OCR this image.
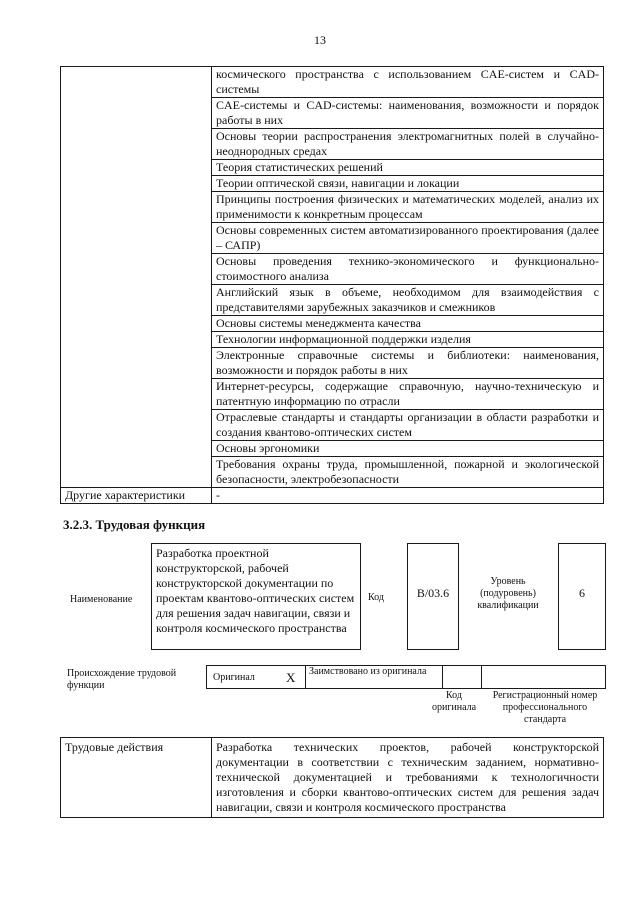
13
	космического пространства с использованием CAE-систем и CAD-системы
	CAE-системы и CAD-системы: наименования, возможности и порядок работы в них
	Основы теории распространения электромагнитных полей в случайно-неоднородных средах
	Теория статистических решений
	Теории оптической связи, навигации и локации
	Принципы построения физических и математических моделей, анализ их применимости к конкретным процессам
	Основы современных систем автоматизированного проектирования (далее – САПР)
	Основы проведения технико-экономического и функционально-стоимостного анализа
	Английский язык в объеме, необходимом для взаимодействия с представителями зарубежных заказчиков и смежников
	Основы системы менеджмента качества
	Технологии информационной поддержки изделия
	Электронные справочные системы и библиотеки: наименования, возможности и порядок работы в них
	Интернет-ресурсы, содержащие справочную, научно-техническую и патентную информацию по отрасли
	Отраслевые стандарты и стандарты организации в области разработки и создания квантово-оптических систем
	Основы эргономики
	Требования охраны труда, промышленной, пожарной и экологической безопасности, электробезопасности
Другие характеристики	-
3.2.3. Трудовая функция
Наименование
Разработка проектной конструкторской, рабочей конструкторской документации по проектам квантово-оптических систем для решения задач навигации, связи и контроля космического пространства
Код	B/03.6
Уровень (подуровень) квалификации
6
Происхождение трудовой функции
Оригинал X Заимствовано из оригинала
Код оригинала
Регистрационный номер профессионального стандарта
Трудовые действия	Разработка технических проектов, рабочей конструкторской документации в соответствии с техническим заданием, нормативно-технической документацией и требованиями к технологичности изготовления и сборки квантово-оптических систем для решения задач навигации, связи и контроля космического пространства
